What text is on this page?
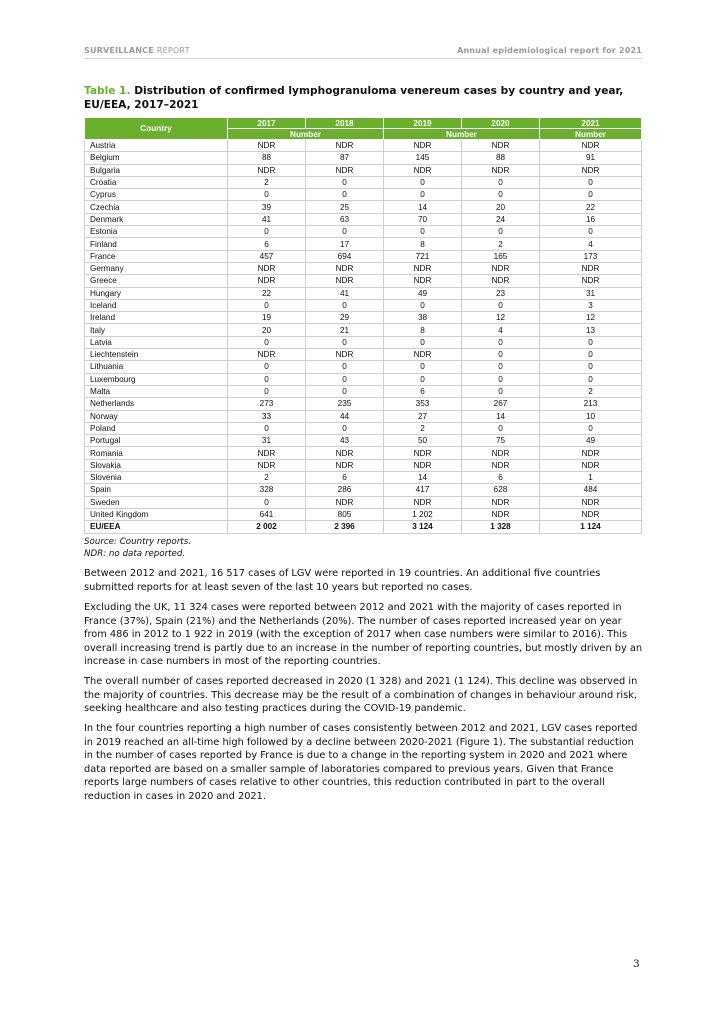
SURVEILLANCE REPORT	Annual epidemiological report for 2021
Table 1. Distribution of confirmed lymphogranuloma venereum cases by country and year, EU/EEA, 2017–2021
Country	2017	2018	2019	2020	2021
	Number		Number		Number
Austria	NDR	NDR	NDR	NDR	NDR
Belgium	88	87	145	88	91
Bulgaria	NDR	NDR	NDR	NDR	NDR
Croatia	2	0	0	0	0
Cyprus	0	0	0	0	0
Czechia	39	25	14	20	22
Denmark	41	63	70	24	16
Estonia	0	0	0	0	0
Finland	6	17	8	2	4
France	457	694	721	165	173
Germany	NDR	NDR	NDR	NDR	NDR
Greece	NDR	NDR	NDR	NDR	NDR
Hungary	22	41	49	23	31
Iceland	0	0	0	0	3
Ireland	19	29	38	12	12
Italy	20	21	8	4	13
Latvia	0	0	0	0	0
Liechtenstein	NDR	NDR	NDR	0	0
Lithuania	0	0	0	0	0
Luxembourg	0	0	0	0	0
Malta	0	0	6	0	2
Netherlands	273	235	353	267	213
Norway	33	44	27	14	10
Poland	0	0	2	0	0
Portugal	31	43	50	75	49
Romania	NDR	NDR	NDR	NDR	NDR
Slovakia	NDR	NDR	NDR	NDR	NDR
Slovenia	2	6	14	6	1
Spain	328	286	417	628	484
Sweden	0	NDR	NDR	NDR	NDR
United Kingdom	641	805	1 202	NDR	NDR
EU/EEA	2 002	2 396	3 124	1 328	1 124
Source: Country reports.
NDR: no data reported.

Between 2012 and 2021, 16 517 cases of LGV were reported in 19 countries. An additional five countries submitted reports for at least seven of the last 10 years but reported no cases.

Excluding the UK, 11 324 cases were reported between 2012 and 2021 with the majority of cases reported in France (37%), Spain (21%) and the Netherlands (20%). The number of cases reported increased year on year from 486 in 2012 to 1 922 in 2019 (with the exception of 2017 when case numbers were similar to 2016). This overall increasing trend is partly due to an increase in the number of reporting countries, but mostly driven by an increase in case numbers in most of the reporting countries.

The overall number of cases reported decreased in 2020 (1 328) and 2021 (1 124). This decline was observed in the majority of countries. This decrease may be the result of a combination of changes in behaviour around risk, seeking healthcare and also testing practices during the COVID-19 pandemic.

In the four countries reporting a high number of cases consistently between 2012 and 2021, LGV cases reported in 2019 reached an all-time high followed by a decline between 2020-2021 (Figure 1). The substantial reduction in the number of cases reported by France is due to a change in the reporting system in 2020 and 2021 where data reported are based on a smaller sample of laboratories compared to previous years. Given that France reports large numbers of cases relative to other countries, this reduction contributed in part to the overall reduction in cases in 2020 and 2021.

3
